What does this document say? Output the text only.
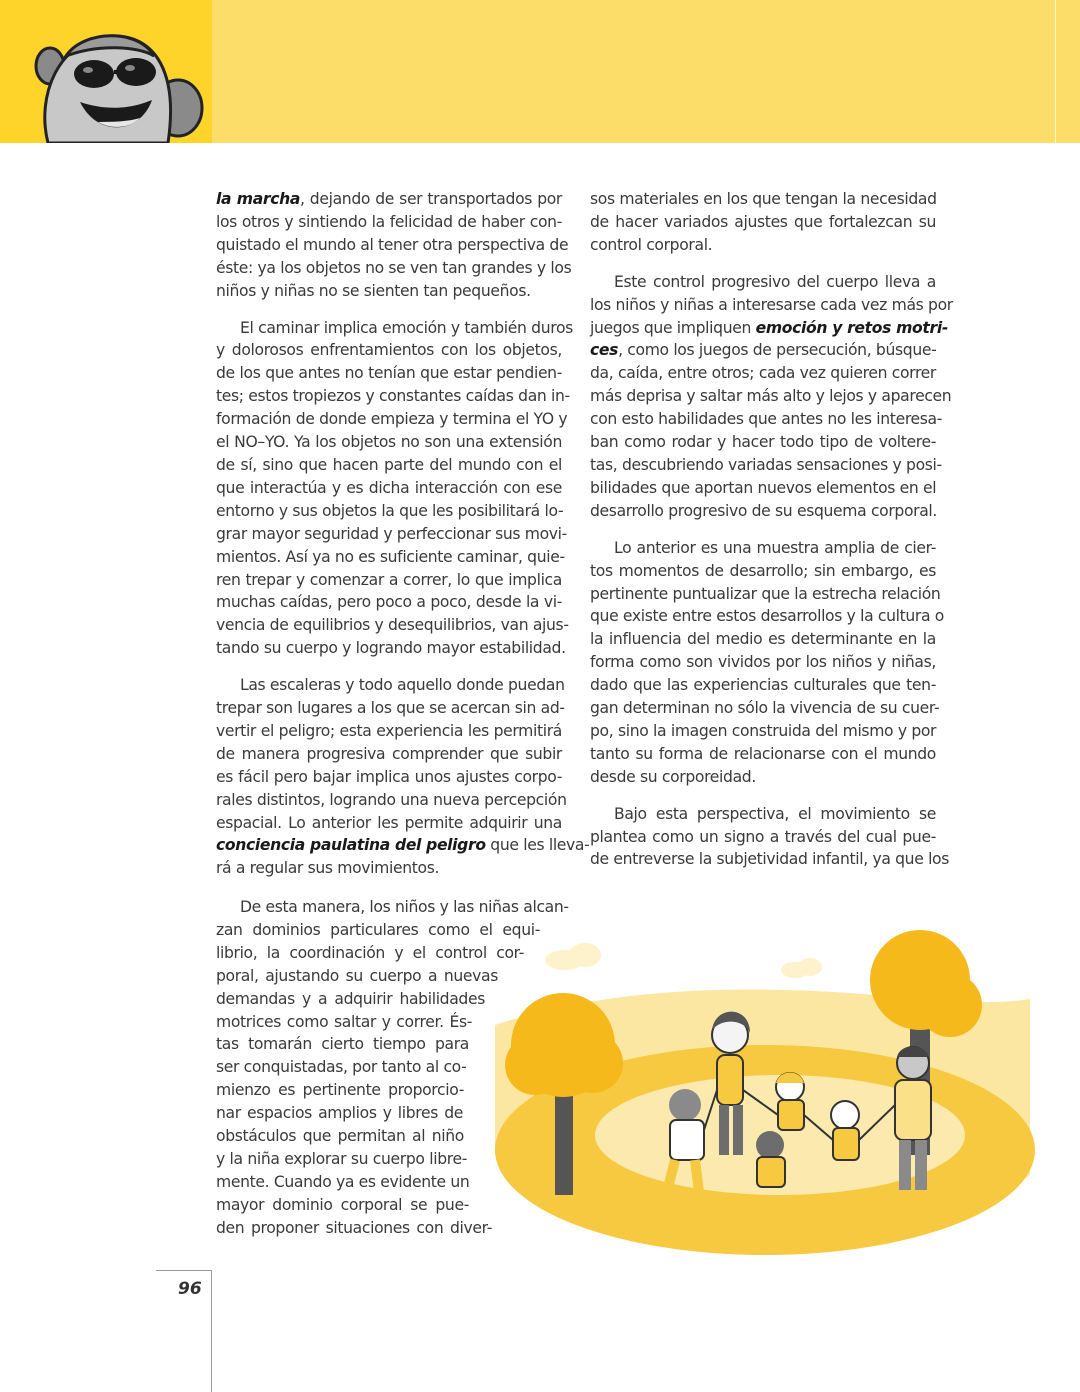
la marcha, dejando de ser transportados por
los otros y sintiendo la felicidad de haber con-
quistado el mundo al tener otra perspectiva de
éste: ya los objetos no se ven tan grandes y los
niños y niñas no se sienten tan pequeños.

El caminar implica emoción y también duros
y dolorosos enfrentamientos con los objetos,
de los que antes no tenían que estar pendien-
tes; estos tropiezos y constantes caídas dan in-
formación de donde empieza y termina el YO y
el NO–YO. Ya los objetos no son una extensión
de sí, sino que hacen parte del mundo con el
que interactúa y es dicha interacción con ese
entorno y sus objetos la que les posibilitará lo-
grar mayor seguridad y perfeccionar sus movi-
mientos. Así ya no es suficiente caminar, quie-
ren trepar y comenzar a correr, lo que implica
muchas caídas, pero poco a poco, desde la vi-
vencia de equilibrios y desequilibrios, van ajus-
tando su cuerpo y logrando mayor estabilidad.

Las escaleras y todo aquello donde puedan
trepar son lugares a los que se acercan sin ad-
vertir el peligro; esta experiencia les permitirá
de manera progresiva comprender que subir
es fácil pero bajar implica unos ajustes corpo-
rales distintos, logrando una nueva percepción
espacial. Lo anterior les permite adquirir una
conciencia paulatina del peligro que les lleva-
rá a regular sus movimientos.

De esta manera, los niños y las niñas alcan-
zan dominios particulares como el equi-
librio, la coordinación y el control cor-
poral, ajustando su cuerpo a nuevas
demandas y a adquirir habilidades
motrices como saltar y correr. És-
tas tomarán cierto tiempo para
ser conquistadas, por tanto al co-
mienzo es pertinente proporcio-
nar espacios amplios y libres de
obstáculos que permitan al niño
y la niña explorar su cuerpo libre-
mente. Cuando ya es evidente un
mayor dominio corporal se pue-
den proponer situaciones con diver-

sos materiales en los que tengan la necesidad
de hacer variados ajustes que fortalezcan su
control corporal.

Este control progresivo del cuerpo lleva a
los niños y niñas a interesarse cada vez más por
juegos que impliquen emoción y retos motri-
ces, como los juegos de persecución, búsque-
da, caída, entre otros; cada vez quieren correr
más deprisa y saltar más alto y lejos y aparecen
con esto habilidades que antes no les interesa-
ban como rodar y hacer todo tipo de voltere-
tas, descubriendo variadas sensaciones y posi-
bilidades que aportan nuevos elementos en el
desarrollo progresivo de su esquema corporal.

Lo anterior es una muestra amplia de cier-
tos momentos de desarrollo; sin embargo, es
pertinente puntualizar que la estrecha relación
que existe entre estos desarrollos y la cultura o
la influencia del medio es determinante en la
forma como son vividos por los niños y niñas,
dado que las experiencias culturales que ten-
gan determinan no sólo la vivencia de su cuer-
po, sino la imagen construida del mismo y por
tanto su forma de relacionarse con el mundo
desde su corporeidad.

Bajo esta perspectiva, el movimiento se
plantea como un signo a través del cual pue-
de entreverse la subjetividad infantil, ya que los

96
